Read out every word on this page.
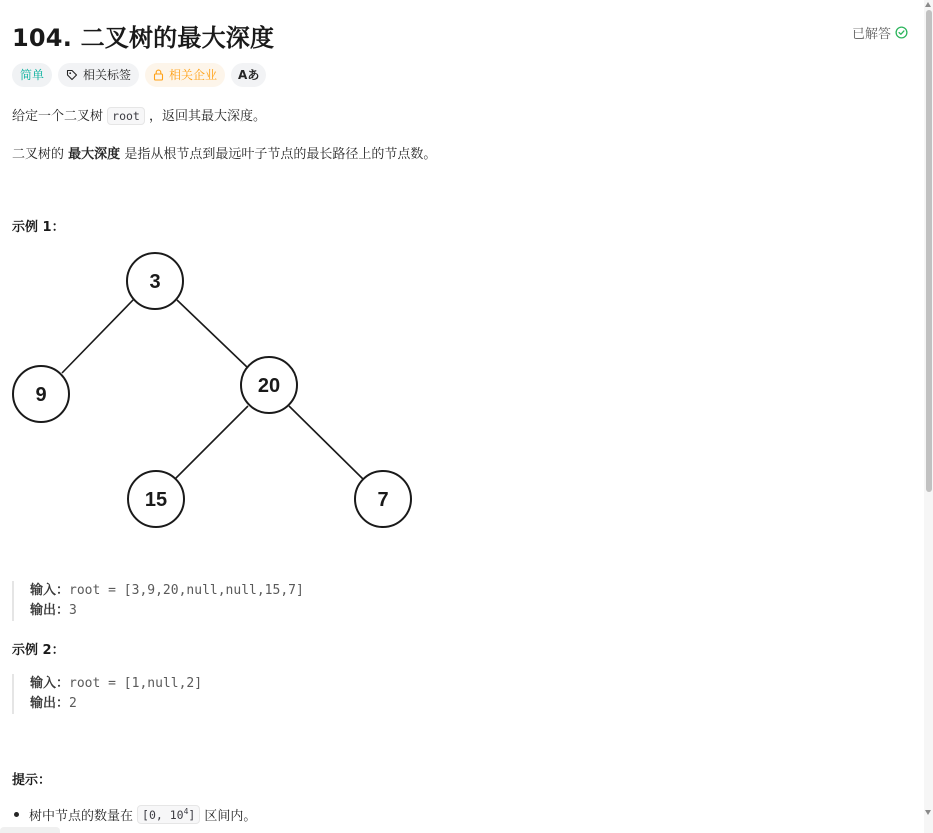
104. 二叉树的最大深度	已解答
简单	相关标签	相关企业 Aあ
给定一个二叉树 root ，返回其最大深度。
二叉树的 最大深度 是指从根节点到最远叶子节点的最长路径上的节点数。
示例 1：
3
9	20
15	7
输入：root = [3,9,20,null,null,15,7]
输出：3
示例 2：
输入：root = [1,null,2]
输出：2
提示：
树中节点的数量在 [0, $10^4$] 区间内。
